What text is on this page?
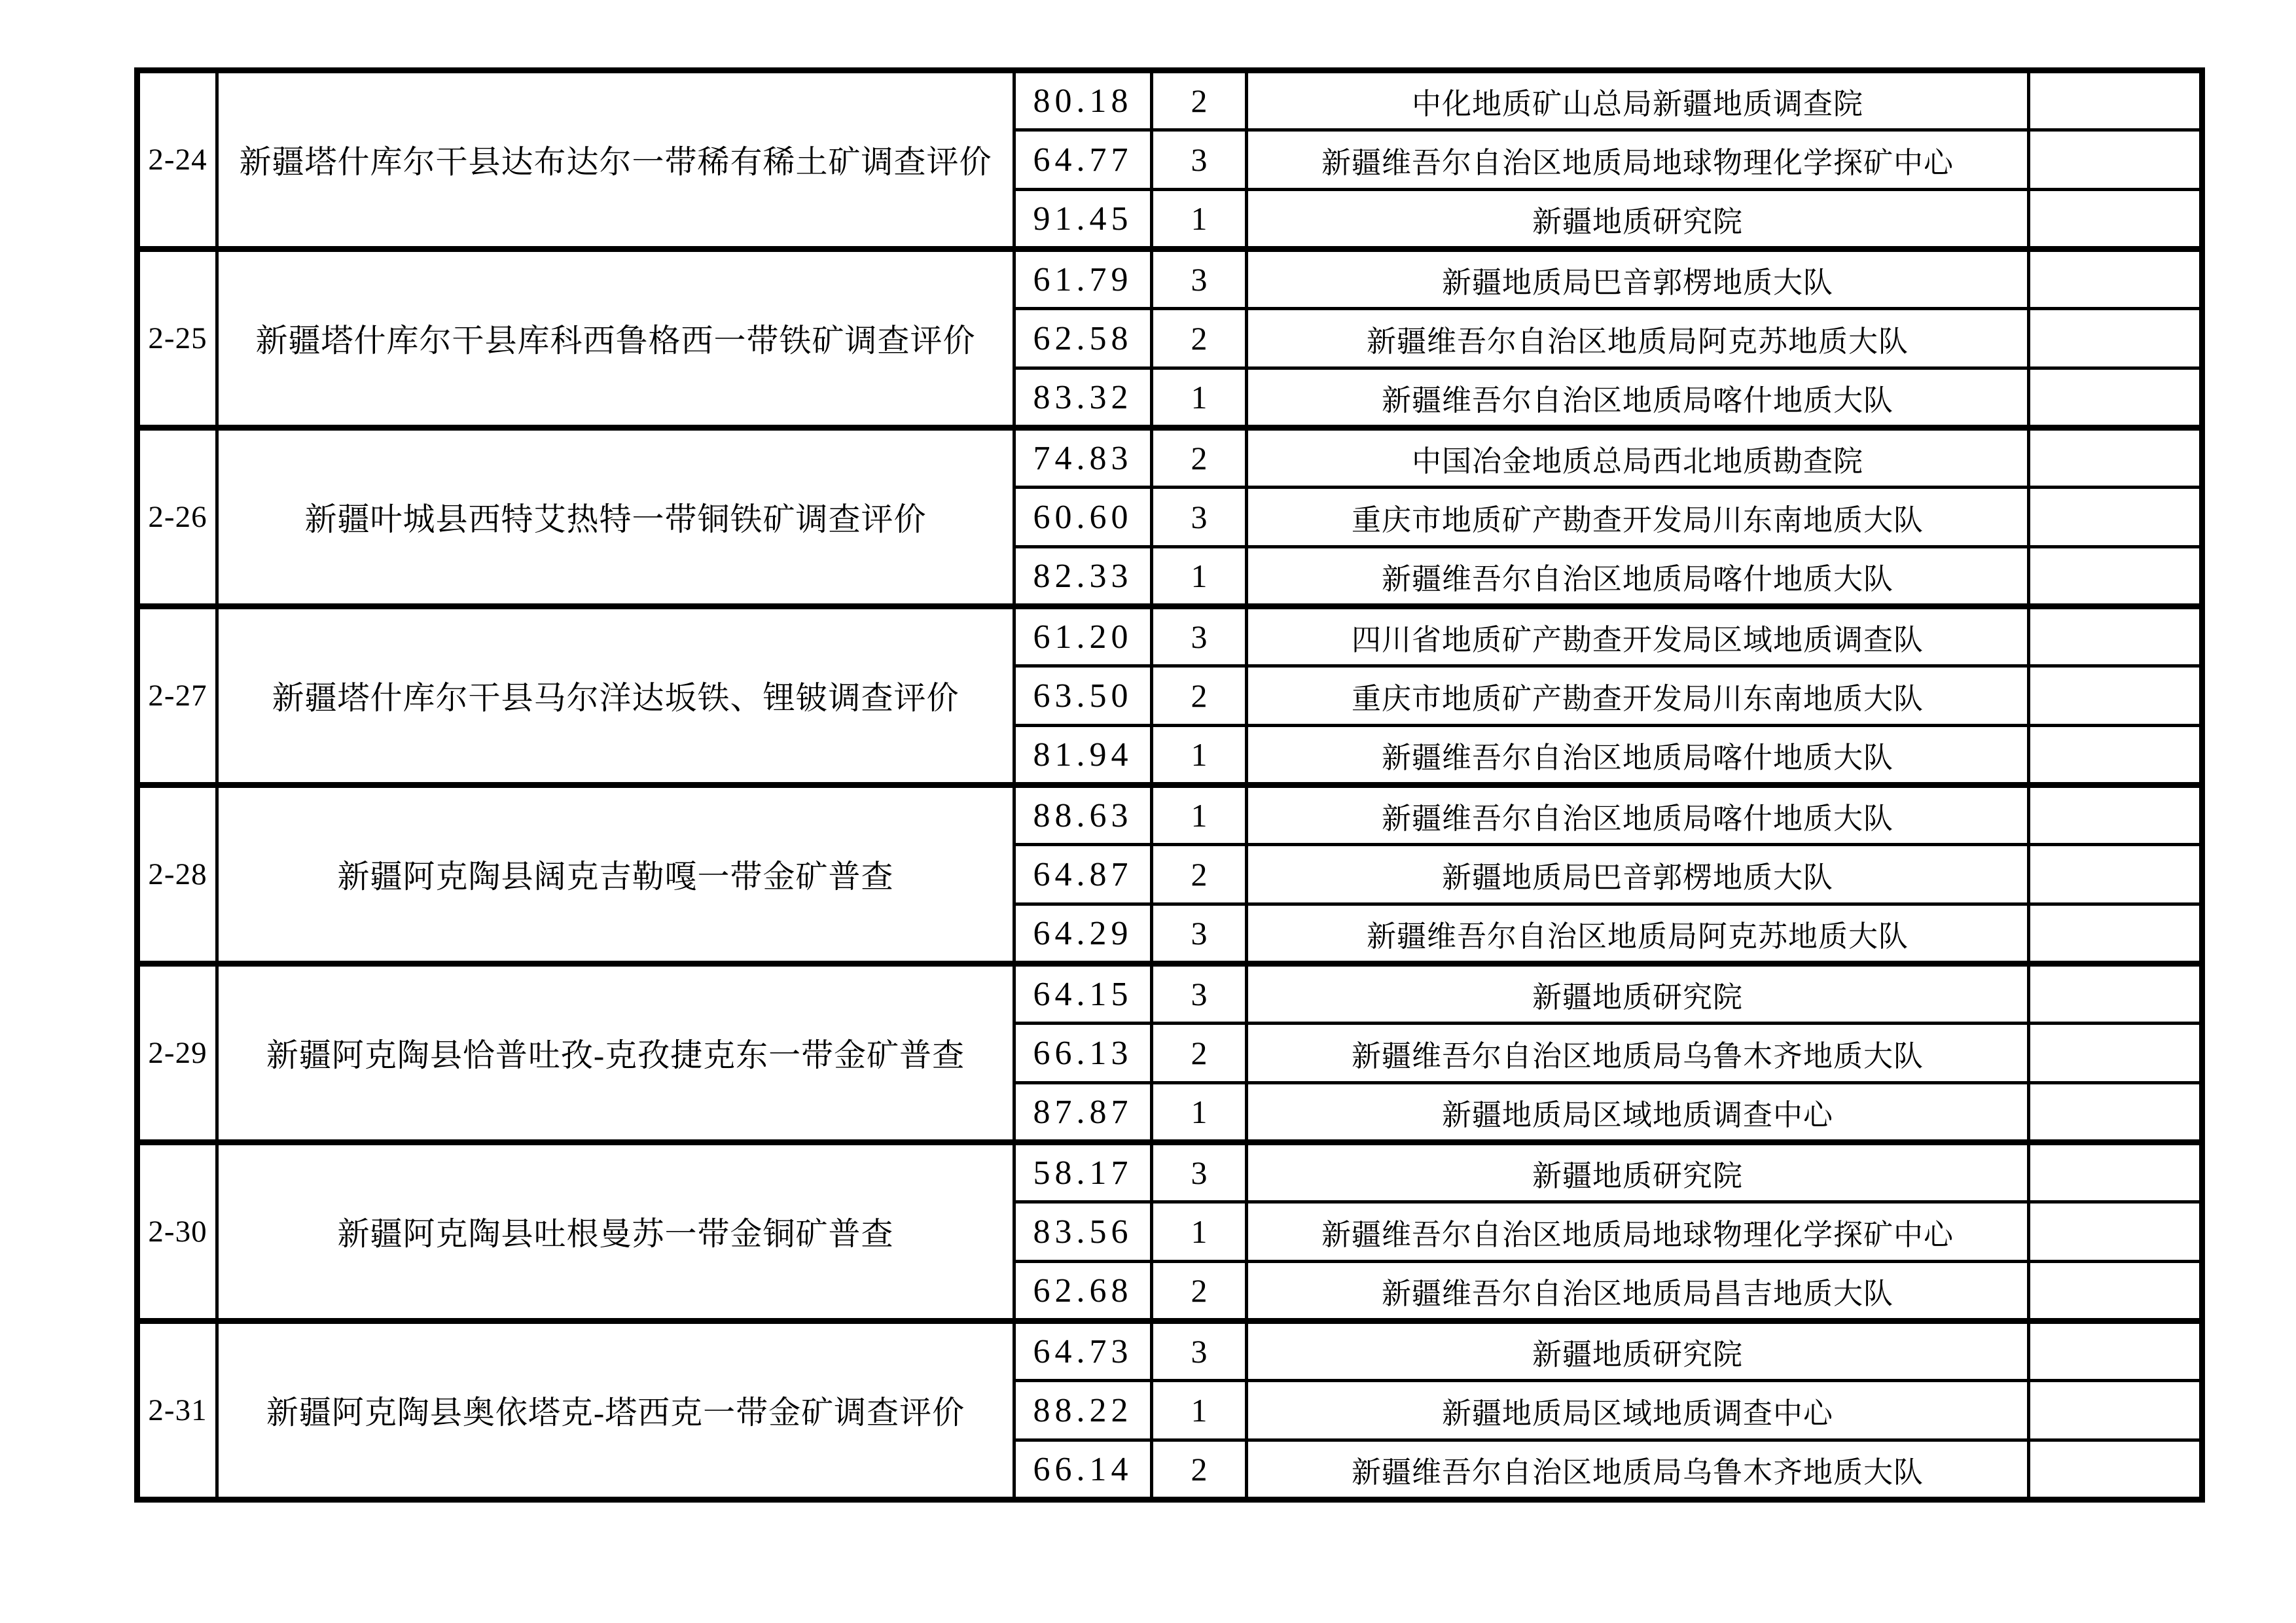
2-24	新疆塔什库尔干县达布达尔一带稀有稀土矿调查评价	80.18	2	中化地质矿山总局新疆地质调查院	
		64.77	3	新疆维吾尔自治区地质局地球物理化学探矿中心	
		91.45	1	新疆地质研究院	
2-25	新疆塔什库尔干县库科西鲁格西一带铁矿调查评价	61.79	3	新疆地质局巴音郭楞地质大队	
		62.58	2	新疆维吾尔自治区地质局阿克苏地质大队	
		83.32	1	新疆维吾尔自治区地质局喀什地质大队	
2-26	新疆叶城县西特艾热特一带铜铁矿调查评价	74.83	2	中国冶金地质总局西北地质勘查院	
		60.60	3	重庆市地质矿产勘查开发局川东南地质大队	
		82.33	1	新疆维吾尔自治区地质局喀什地质大队	
2-27	新疆塔什库尔干县马尔洋达坂铁、锂铍调查评价	61.20	3	四川省地质矿产勘查开发局区域地质调查队	
		63.50	2	重庆市地质矿产勘查开发局川东南地质大队	
		81.94	1	新疆维吾尔自治区地质局喀什地质大队	
2-28	新疆阿克陶县阔克吉勒嘎一带金矿普查	88.63	1	新疆维吾尔自治区地质局喀什地质大队	
		64.87	2	新疆地质局巴音郭楞地质大队	
		64.29	3	新疆维吾尔自治区地质局阿克苏地质大队	
2-29	新疆阿克陶县恰普吐孜-克孜捷克东一带金矿普查	64.15	3	新疆地质研究院	
		66.13	2	新疆维吾尔自治区地质局乌鲁木齐地质大队	
		87.87	1	新疆地质局区域地质调查中心	
2-30	新疆阿克陶县吐根曼苏一带金铜矿普查	58.17	3	新疆地质研究院	
		83.56	1	新疆维吾尔自治区地质局地球物理化学探矿中心	
		62.68	2	新疆维吾尔自治区地质局昌吉地质大队	
2-31	新疆阿克陶县奥依塔克-塔西克一带金矿调查评价	64.73	3	新疆地质研究院	
		88.22	1	新疆地质局区域地质调查中心	
		66.14	2	新疆维吾尔自治区地质局乌鲁木齐地质大队	
